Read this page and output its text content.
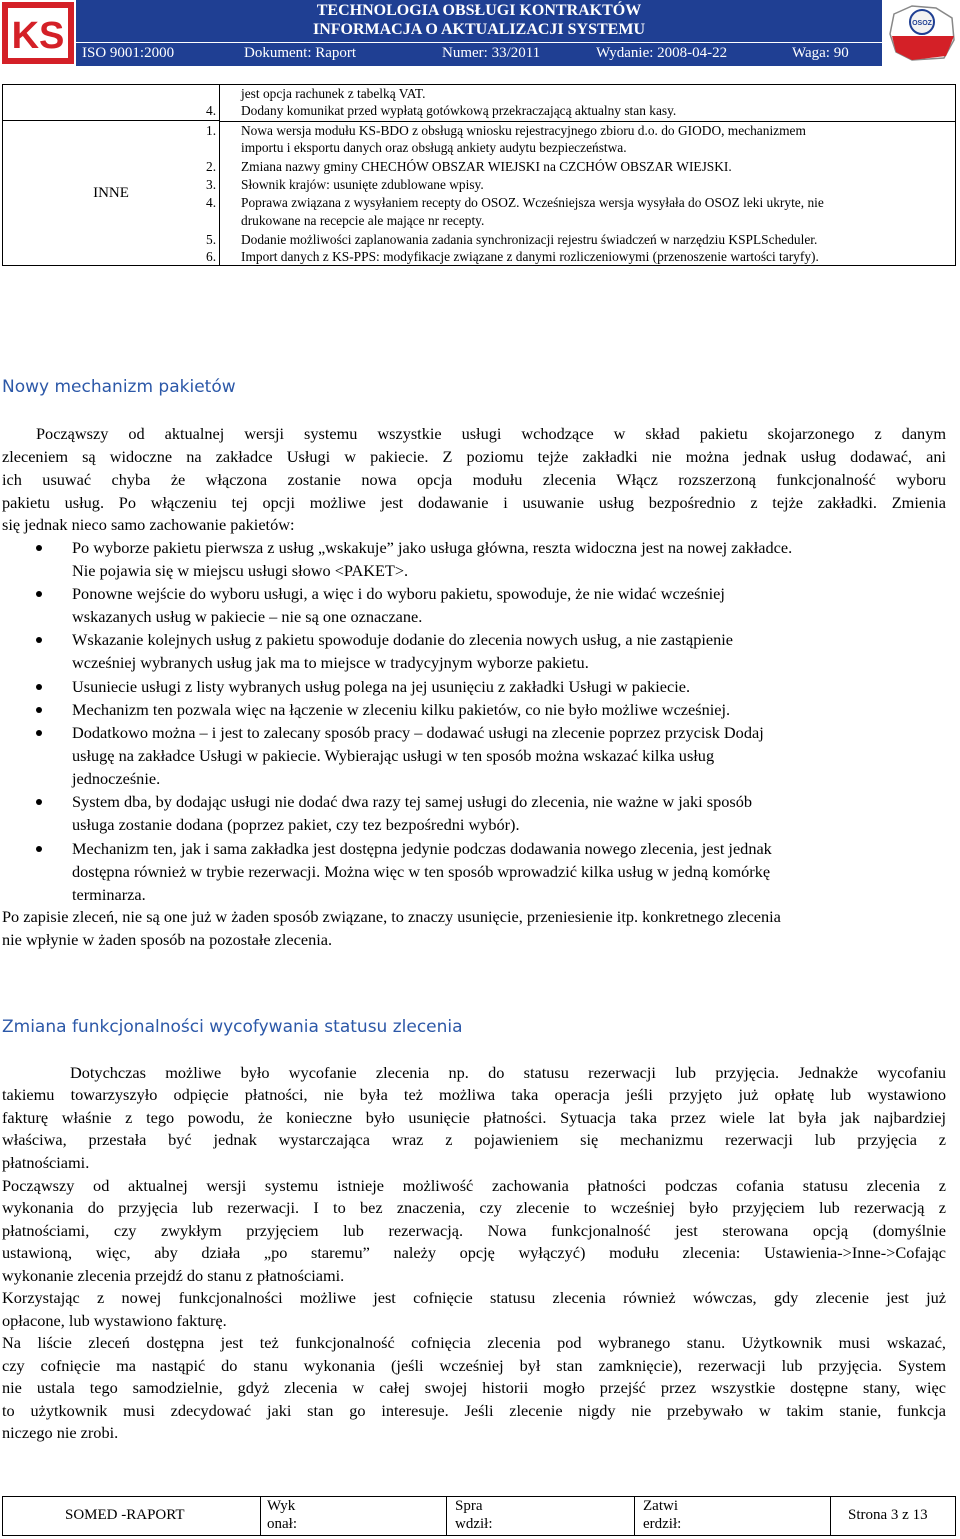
KS
TECHNOLOGIA OBSŁUGI KONTRAKTÓW
INFORMACJA O AKTUALIZACJI SYSTEMU
ISO 9001:2000	Dokument: Raport	Numer: 33/2011	Wydanie: 2008-04-22	Waga: 90
OSOZ
INNE
jest opcja rachunek z tabelką VAT.
4. Dodany komunikat przed wypłatą gotówkową przekraczającą aktualny stan kasy.
1. Nowa wersja modułu KS-BDO z obsługą wniosku rejestracyjnego zbioru d.o. do GIODO, mechanizmem
importu i eksportu danych oraz obsługą ankiety audytu bezpieczeństwa.
2. Zmiana nazwy gminy CHECHÓW OBSZAR WIEJSKI na CZCHÓW OBSZAR WIEJSKI.
3. Słownik krajów: usunięte zdublowane wpisy.
4. Poprawa związana z wysyłaniem recepty do OSOZ. Wcześniejsza wersja wysyłała do OSOZ leki ukryte, nie
drukowane na recepcie ale mające nr recepty.
5. Dodanie możliwości zaplanowania zadania synchronizacji rejestru świadczeń w narzędziu KSPLScheduler.
6. Import danych z KS-PPS: modyfikacje związane z danymi rozliczeniowymi (przenoszenie wartości taryfy).
Nowy mechanizm pakietów
Począwszy od aktualnej wersji systemu wszystkie usługi wchodzące w skład pakietu skojarzonego z danym
zleceniem są widoczne na zakładce Usługi w pakiecie. Z poziomu tejże zakładki nie można jednak usług dodawać, ani
ich usuwać chyba że włączona zostanie nowa opcja modułu zlecenia Włącz rozszerzoną funkcjonalność wyboru
pakietu usług. Po włączeniu tej opcji możliwe jest dodawanie i usuwanie usług bezpośrednio z tejże zakładki. Zmienia
się jednak nieco samo zachowanie pakietów:
Po wyborze pakietu pierwsza z usług „wskakuje” jako usługa główna, reszta widoczna jest na nowej zakładce.
Nie pojawia się w miejscu usługi słowo <PAKET>.
Ponowne wejście do wyboru usługi, a więc i do wyboru pakietu, spowoduje, że nie widać wcześniej
wskazanych usług w pakiecie – nie są one oznaczane.
Wskazanie kolejnych usług z pakietu spowoduje dodanie do zlecenia nowych usług, a nie zastąpienie
wcześniej wybranych usług jak ma to miejsce w tradycyjnym wyborze pakietu.
Usuniecie usługi z listy wybranych usług polega na jej usunięciu z zakładki Usługi w pakiecie.
Mechanizm ten pozwala więc na łączenie w zleceniu kilku pakietów, co nie było możliwe wcześniej.
Dodatkowo można – i jest to zalecany sposób pracy – dodawać usługi na zlecenie poprzez przycisk Dodaj
usługę na zakładce Usługi w pakiecie. Wybierając usługi w ten sposób można wskazać kilka usług
jednocześnie.
System dba, by dodając usługi nie dodać dwa razy tej samej usługi do zlecenia, nie ważne w jaki sposób
usługa zostanie dodana (poprzez pakiet, czy tez bezpośredni wybór).
Mechanizm ten, jak i sama zakładka jest dostępna jedynie podczas dodawania nowego zlecenia, jest jednak
dostępna również w trybie rezerwacji. Można więc w ten sposób wprowadzić kilka usług w jedną komórkę
terminarza.
Po zapisie zleceń, nie są one już w żaden sposób związane, to znaczy usunięcie, przeniesienie itp. konkretnego zlecenia
nie wpłynie w żaden sposób na pozostałe zlecenia.
Zmiana funkcjonalności wycofywania statusu zlecenia
Dotychczas możliwe było wycofanie zlecenia np. do statusu rezerwacji lub przyjęcia. Jednakże wycofaniu
takiemu towarzyszyło odpięcie płatności, nie była też możliwa taka operacja jeśli przyjęto już opłatę lub wystawiono
fakturę właśnie z tego powodu, że konieczne było usunięcie płatności. Sytuacja taka przez wiele lat była jak najbardziej
właściwa, przestała być jednak wystarczająca wraz z pojawieniem się mechanizmu rezerwacji lub przyjęcia z
płatnościami.
Począwszy od aktualnej wersji systemu istnieje możliwość zachowania płatności podczas cofania statusu zlecenia z
wykonania do przyjęcia lub rezerwacji. I to bez znaczenia, czy zlecenie to wcześniej było przyjęciem lub rezerwacją z
płatnościami, czy zwykłym przyjęciem lub rezerwacją. Nowa funkcjonalność jest sterowana opcją (domyślnie
ustawioną, więc, aby działa „po staremu” należy opcję wyłączyć) modułu zlecenia: Ustawienia->Inne->Cofając
wykonanie zlecenia przejdź do stanu z płatnościami.
Korzystając z nowej funkcjonalności możliwe jest cofnięcie statusu zlecenia również wówczas, gdy zlecenie jest już
opłacone, lub wystawiono fakturę.
Na liście zleceń dostępna jest też funkcjonalność cofnięcia zlecenia pod wybranego stanu. Użytkownik musi wskazać,
czy cofnięcie ma nastąpić do stanu wykonania (jeśli wcześniej był stan zamknięcie), rezerwacji lub przyjęcia. System
nie ustala tego samodzielnie, gdyż zlecenia w całej swojej historii mogło przejść przez wszystkie dostępne stany, więc
to użytkownik musi zdecydować jaki stan go interesuje. Jeśli zlecenie nigdy nie przebywało w takim stanie, funkcja
niczego nie zrobi.
SOMED -RAPORT
Wyk
onał:
Spra
wdził:
Zatwi
erdził:
Strona 3 z 13
